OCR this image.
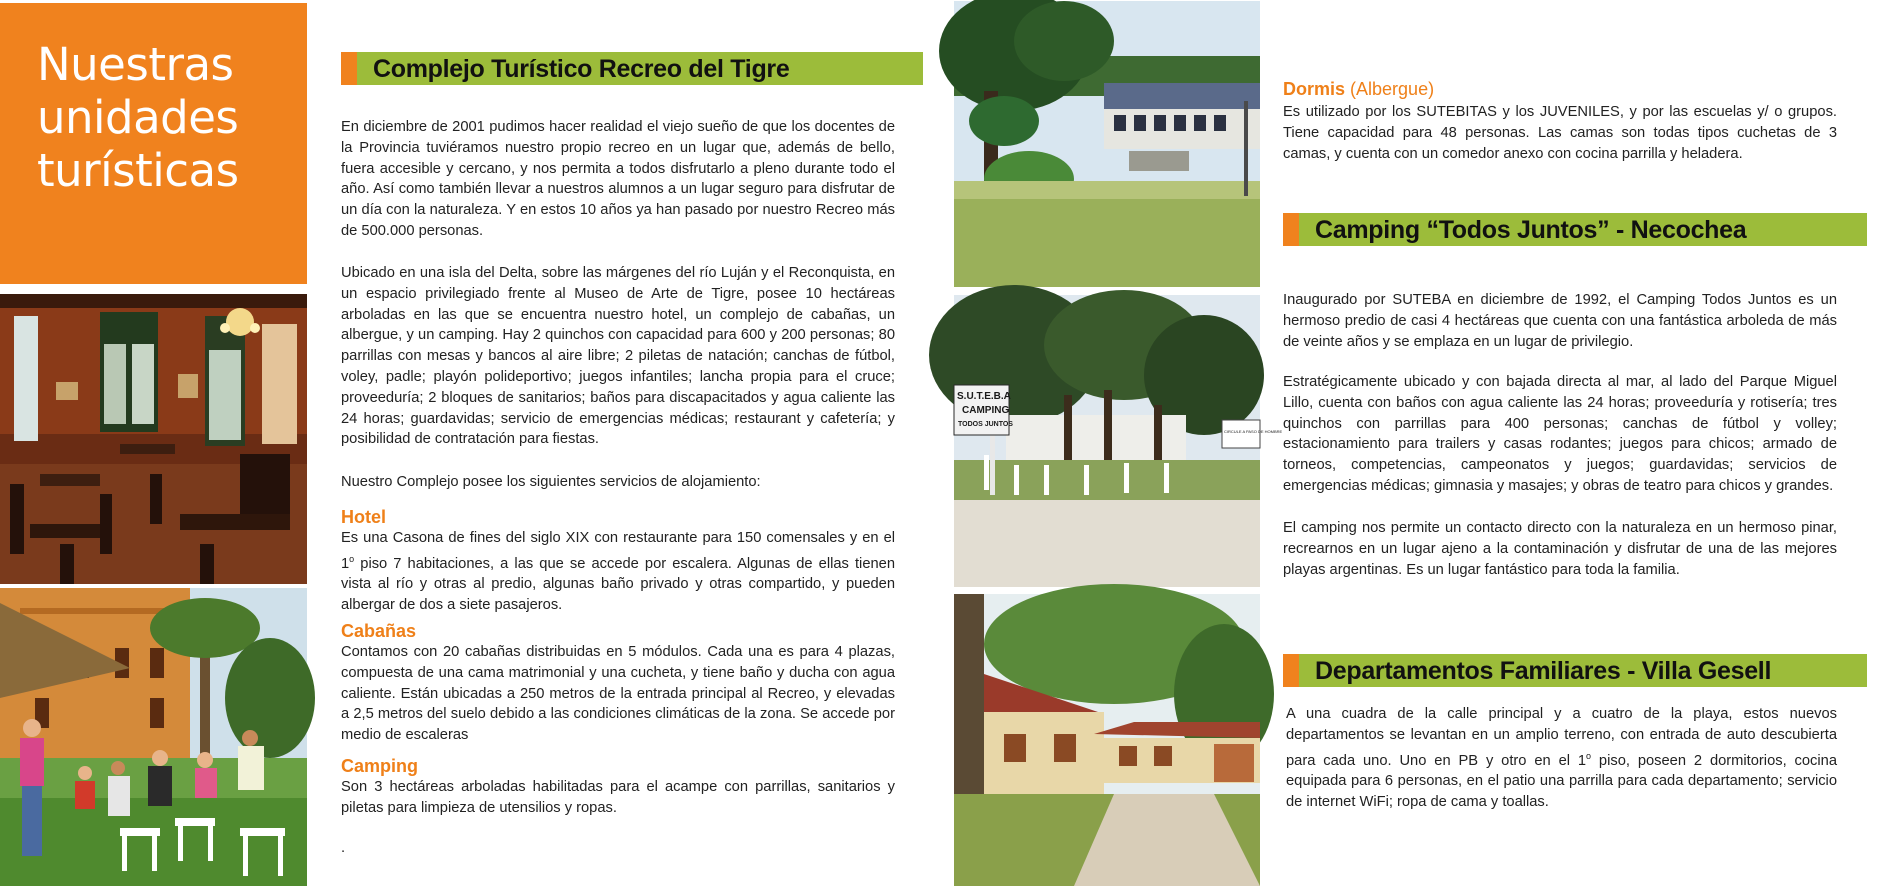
Nuestras
unidades
turísticas
Complejo Turístico Recreo del Tigre
En diciembre de 2001 pudimos hacer realidad el viejo sueño de que los docentes de la Provincia tuviéramos nuestro propio recreo en un lugar que, además de bello, fuera accesible y cercano, y nos permita a todos disfrutarlo a pleno durante todo el año. Así como también llevar a nuestros alumnos a un lugar seguro para disfrutar de un día con la naturaleza. Y en estos 10 años ya han pasado por nuestro Recreo más de 500.000 personas.
Ubicado en una isla del Delta, sobre las márgenes del río Luján y el Reconquista, en un espacio privilegiado frente al Museo de Arte de Tigre, posee 10 hectáreas arboladas en las que se encuentra nuestro hotel, un complejo de cabañas, un albergue, y un camping. Hay 2 quinchos con capacidad para 600 y 200 personas; 80 parrillas con mesas y bancos al aire libre; 2 piletas de natación; canchas de fútbol, voley, padle; playón polideportivo; juegos infantiles; lancha propia para el cruce; proveeduría; 2 bloques de sanitarios; baños para discapacitados y agua caliente las 24 horas; guardavidas; servicio de emergencias médicas; restaurant y cafetería; y posibilidad de contratación para fiestas.
Nuestro Complejo posee los siguientes servicios de alojamiento:
Hotel
Es una Casona de fines del siglo XIX con restaurante para 150 comensales y en el 1$^o$ piso 7 habitaciones, a las que se accede por escalera. Algunas de ellas tienen vista al río y otras al predio, algunas baño privado y otras compartido, y pueden albergar de dos a siete pasajeros.
Cabañas
Contamos con 20 cabañas distribuidas en 5 módulos. Cada una es para 4 plazas, compuesta de una cama matrimonial y una cucheta, y tiene baño y ducha con agua caliente. Están ubicadas a 250 metros de la entrada principal al Recreo, y elevadas a 2,5 metros del suelo debido a las condiciones climáticas de la zona. Se accede por medio de escaleras
Camping
Son 3 hectáreas arboladas habilitadas para el acampe con parrillas, sanitarios y piletas para limpieza de utensilios y ropas.
.
S.U.T.E.B.A
CAMPING
TODOS JUNTOS
CIRCULE A PASO DE HOMBRE
Dormis (Albergue)
Es utilizado por los SUTEBITAS y los JUVENILES, y por las escuelas y/ o grupos. Tiene capacidad para 48 personas. Las camas son todas tipos cuchetas de 3 camas, y cuenta con un comedor anexo con cocina parrilla y heladera.
Camping “Todos Juntos” - Necochea
Inaugurado por SUTEBA en diciembre de 1992, el Camping Todos Juntos es un hermoso predio de casi 4 hectáreas que cuenta con una fantástica arboleda de más de veinte años y se emplaza en un lugar de privilegio.
Estratégicamente ubicado y con bajada directa al mar, al lado del Parque Miguel Lillo, cuenta con baños con agua caliente las 24 horas; proveeduría y rotisería; tres quinchos con parrillas para 400 personas; canchas de fútbol y volley; estacionamiento para trailers y casas rodantes; juegos para chicos; armado de torneos, competencias, campeonatos y juegos; guardavidas; servicios de emergencias médicas; gimnasia y masajes; y obras de teatro para chicos y grandes.
El camping nos permite un contacto directo con la naturaleza en un hermoso pinar, recrearnos en un lugar ajeno a la contaminación y disfrutar de una de las mejores playas argentinas. Es un lugar fantástico para toda la familia.
Departamentos Familiares - Villa Gesell
A una cuadra de la calle principal y a cuatro de la playa, estos nuevos departamentos se levantan en un amplio terreno, con entrada de auto descubierta para cada uno. Uno en PB y otro en el 1$^o$ piso, poseen 2 dormitorios, cocina equipada para 6 personas, en el patio una parrilla para cada departamento; servicio de internet WiFi; ropa de cama y toallas.
